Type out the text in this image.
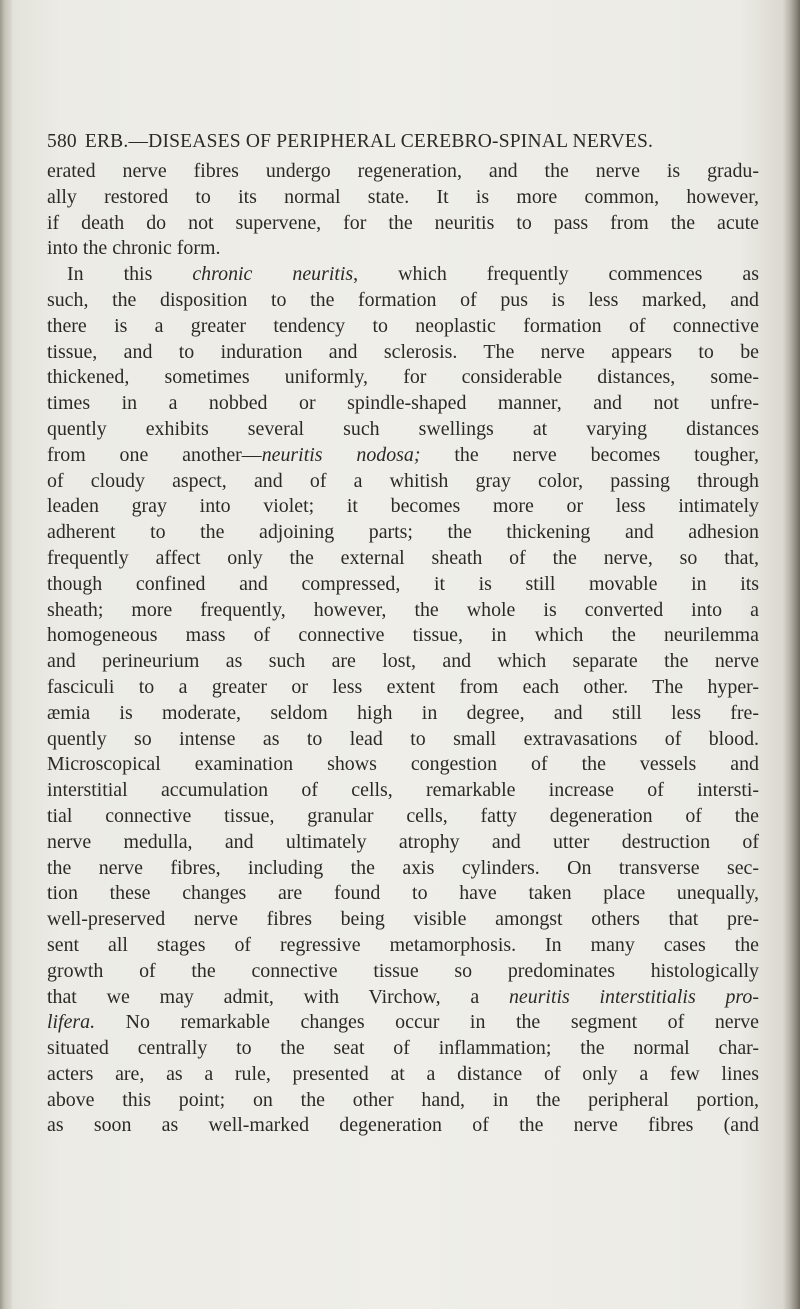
580 ERB.—DISEASES OF PERIPHERAL CEREBRO-SPINAL NERVES.
erated nerve fibres undergo regeneration, and the nerve is gradu-
ally restored to its normal state. It is more common, however,
if death do not supervene, for the neuritis to pass from the acute
into the chronic form.
In this chronic neuritis, which frequently commences as
such, the disposition to the formation of pus is less marked, and
there is a greater tendency to neoplastic formation of connective
tissue, and to induration and sclerosis. The nerve appears to be
thickened, sometimes uniformly, for considerable distances, some-
times in a nobbed or spindle-shaped manner, and not unfre-
quently exhibits several such swellings at varying distances
from one another—neuritis nodosa; the nerve becomes tougher,
of cloudy aspect, and of a whitish gray color, passing through
leaden gray into violet; it becomes more or less intimately
adherent to the adjoining parts; the thickening and adhesion
frequently affect only the external sheath of the nerve, so that,
though confined and compressed, it is still movable in its
sheath; more frequently, however, the whole is converted into a
homogeneous mass of connective tissue, in which the neurilemma
and perineurium as such are lost, and which separate the nerve
fasciculi to a greater or less extent from each other. The hyper-
æmia is moderate, seldom high in degree, and still less fre-
quently so intense as to lead to small extravasations of blood.
Microscopical examination shows congestion of the vessels and
interstitial accumulation of cells, remarkable increase of intersti-
tial connective tissue, granular cells, fatty degeneration of the
nerve medulla, and ultimately atrophy and utter destruction of
the nerve fibres, including the axis cylinders. On transverse sec-
tion these changes are found to have taken place unequally,
well-preserved nerve fibres being visible amongst others that pre-
sent all stages of regressive metamorphosis. In many cases the
growth of the connective tissue so predominates histologically
that we may admit, with Virchow, a neuritis interstitialis pro-
lifera. No remarkable changes occur in the segment of nerve
situated centrally to the seat of inflammation; the normal char-
acters are, as a rule, presented at a distance of only a few lines
above this point; on the other hand, in the peripheral portion,
as soon as well-marked degeneration of the nerve fibres (and
